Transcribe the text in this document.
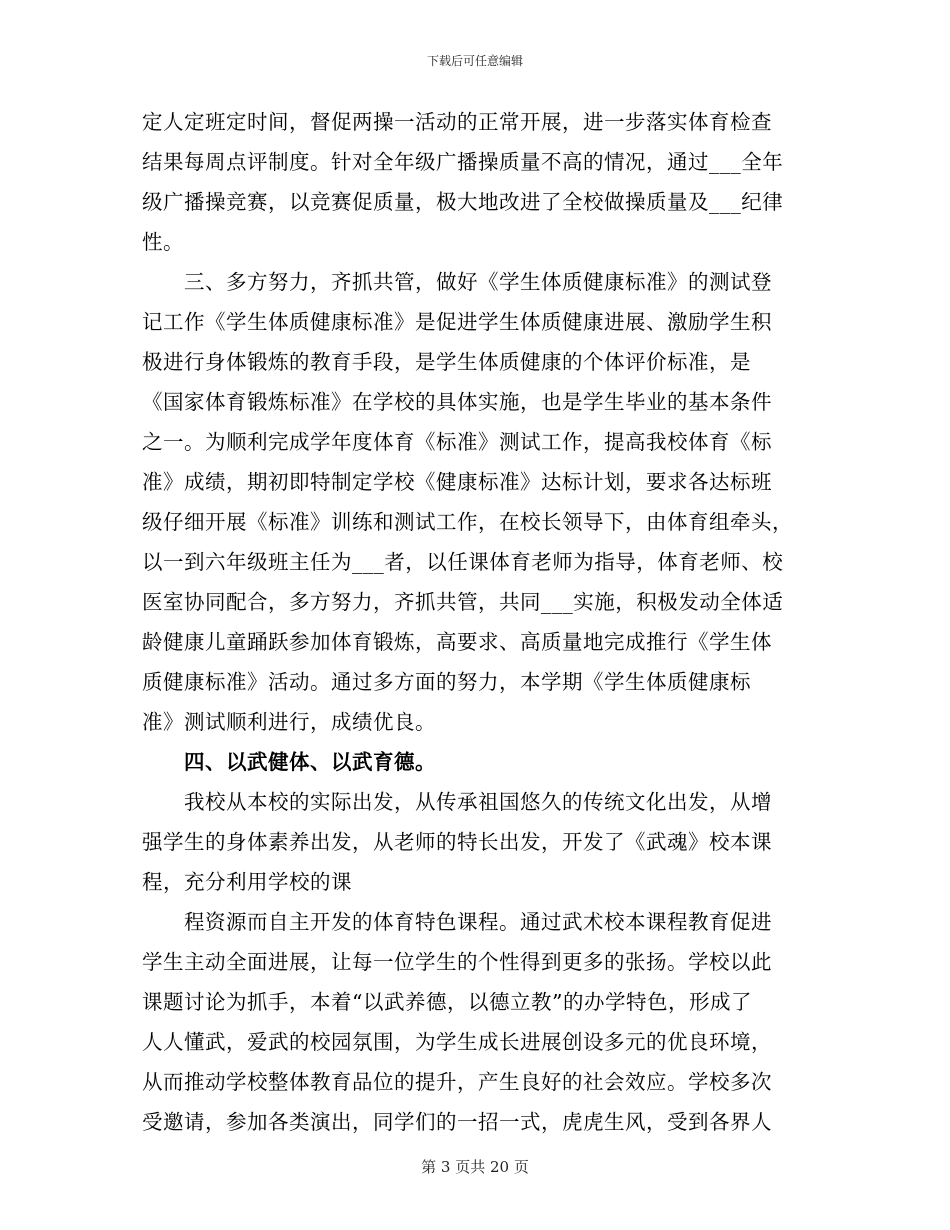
下载后可任意编辑
定人定班定时间，督促两操一活动的正常开展，进一步落实体育检查
结果每周点评制度。针对全年级广播操质量不高的情况，通过___全年
级广播操竞赛，以竞赛促质量，极大地改进了全校做操质量及___纪律
性。
三、多方努力，齐抓共管，做好《学生体质健康标准》的测试登
记工作《学生体质健康标准》是促进学生体质健康进展、激励学生积
极进行身体锻炼的教育手段，是学生体质健康的个体评价标准，是
《国家体育锻炼标准》在学校的具体实施，也是学生毕业的基本条件
之一。为顺利完成学年度体育《标准》测试工作，提高我校体育《标
准》成绩，期初即特制定学校《健康标准》达标计划，要求各达标班
级仔细开展《标准》训练和测试工作，在校长领导下，由体育组牵头，
以一到六年级班主任为___者，以任课体育老师为指导，体育老师、校
医室协同配合，多方努力，齐抓共管，共同___实施，积极发动全体适
龄健康儿童踊跃参加体育锻炼，高要求、高质量地完成推行《学生体
质健康标准》活动。通过多方面的努力，本学期《学生体质健康标
准》测试顺利进行，成绩优良。
四、以武健体、以武育德。
我校从本校的实际出发，从传承祖国悠久的传统文化出发，从增
强学生的身体素养出发，从老师的特长出发，开发了《武魂》校本课
程，充分利用学校的课
程资源而自主开发的体育特色课程。通过武术校本课程教育促进
学生主动全面进展，让每一位学生的个性得到更多的张扬。学校以此
课题讨论为抓手，本着“以武养德，以德立教”的办学特色，形成了
人人懂武，爱武的校园氛围，为学生成长进展创设多元的优良环境，
从而推动学校整体教育品位的提升，产生良好的社会效应。学校多次
受邀请，参加各类演出，同学们的一招一式，虎虎生风，受到各界人
第 3 页共 20 页
